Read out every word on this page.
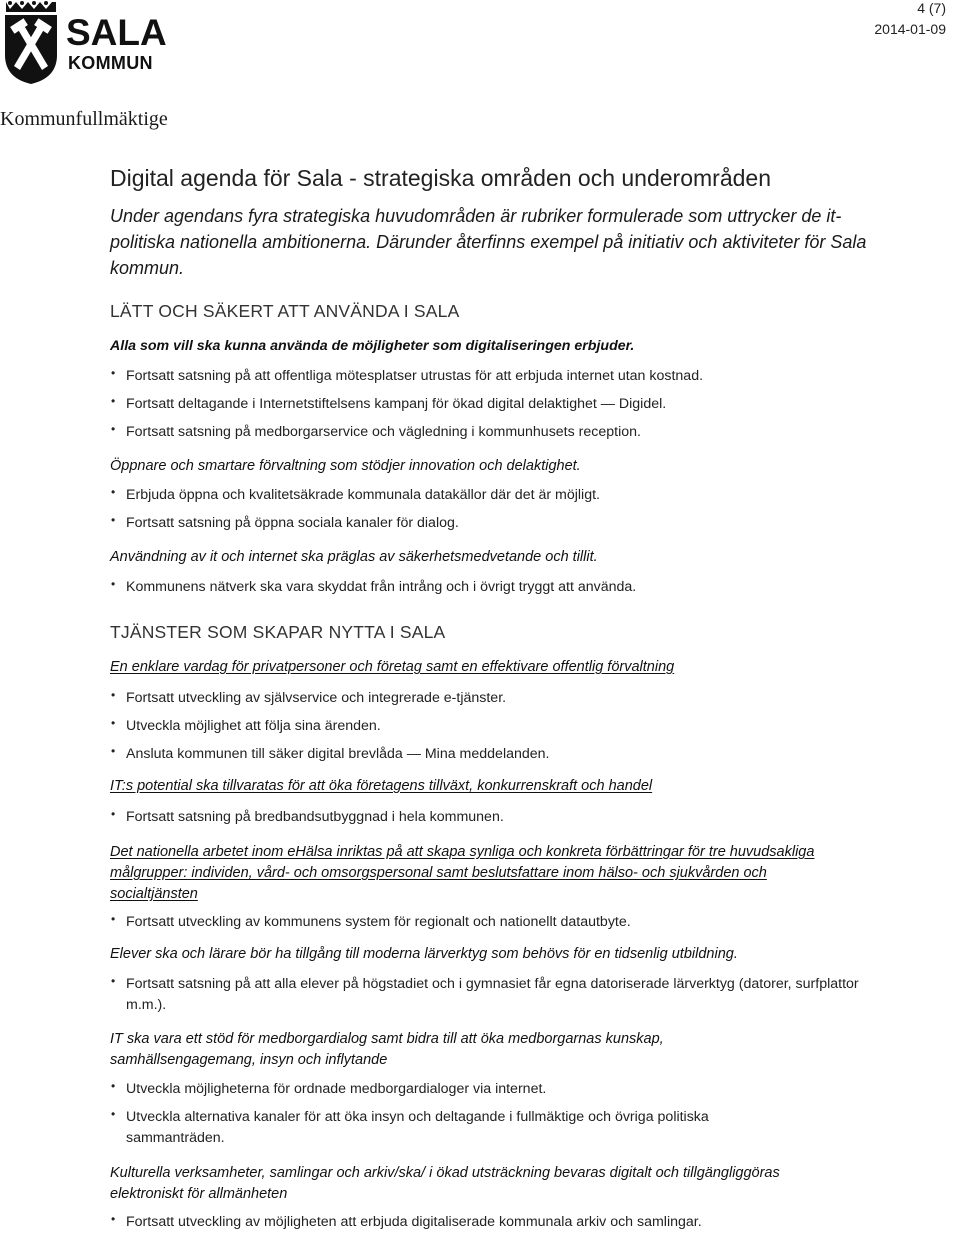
SALA
KOMMUN
4 (7)
2014-01-09
Kommunfullmäktige
Digital agenda för Sala - strategiska områden och underområden
Under agendans fyra strategiska huvudområden är rubriker formulerade som uttrycker de it-politiska nationella ambitionerna. Därunder återfinns exempel på initiativ och aktiviteter för Sala kommun.
LÄTT OCH SÄKERT ATT ANVÄNDA I SALA
Alla som vill ska kunna använda de möjligheter som digitaliseringen erbjuder.
• Fortsatt satsning på att offentliga mötesplatser utrustas för att erbjuda internet utan kostnad.
• Fortsatt deltagande i Internetstiftelsens kampanj för ökad digital delaktighet — Digidel.
• Fortsatt satsning på medborgarservice och vägledning i kommunhusets reception.
Öppnare och smartare förvaltning som stödjer innovation och delaktighet.
• Erbjuda öppna och kvalitetsäkrade kommunala datakällor där det är möjligt.
• Fortsatt satsning på öppna sociala kanaler för dialog.
Användning av it och internet ska präglas av säkerhetsmedvetande och tillit.
• Kommunens nätverk ska vara skyddat från intrång och i övrigt tryggt att använda.
TJÄNSTER SOM SKAPAR NYTTA I SALA
En enklare vardag för privatpersoner och företag samt en effektivare offentlig förvaltning
• Fortsatt utveckling av självservice och integrerade e-tjänster.
• Utveckla möjlighet att följa sina ärenden.
• Ansluta kommunen till säker digital brevlåda — Mina meddelanden.
IT:s potential ska tillvaratas för att öka företagens tillväxt, konkurrenskraft och handel
• Fortsatt satsning på bredbandsutbyggnad i hela kommunen.
Det nationella arbetet inom eHälsa inriktas på att skapa synliga och konkreta förbättringar för tre huvudsakliga målgrupper: individen, vård- och omsorgspersonal samt beslutsfattare inom hälso- och sjukvården och socialtjänsten
• Fortsatt utveckling av kommunens system för regionalt och nationellt datautbyte.
Elever ska och lärare bör ha tillgång till moderna lärverktyg som behövs för en tidsenlig utbildning.
• Fortsatt satsning på att alla elever på högstadiet och i gymnasiet får egna datoriserade lärverktyg (datorer, surfplattor m.m.).
IT ska vara ett stöd för medborgardialog samt bidra till att öka medborgarnas kunskap, samhällsengagemang, insyn och inflytande
• Utveckla möjligheterna för ordnade medborgardialoger via internet.
• Utveckla alternativa kanaler för att öka insyn och deltagande i fullmäktige och övriga politiska sammanträden.
Kulturella verksamheter, samlingar och arkiv/ska/ i ökad utsträckning bevaras digitalt och tillgängliggöras elektroniskt för allmänheten
• Fortsatt utveckling av möjligheten att erbjuda digitaliserade kommunala arkiv och samlingar.
